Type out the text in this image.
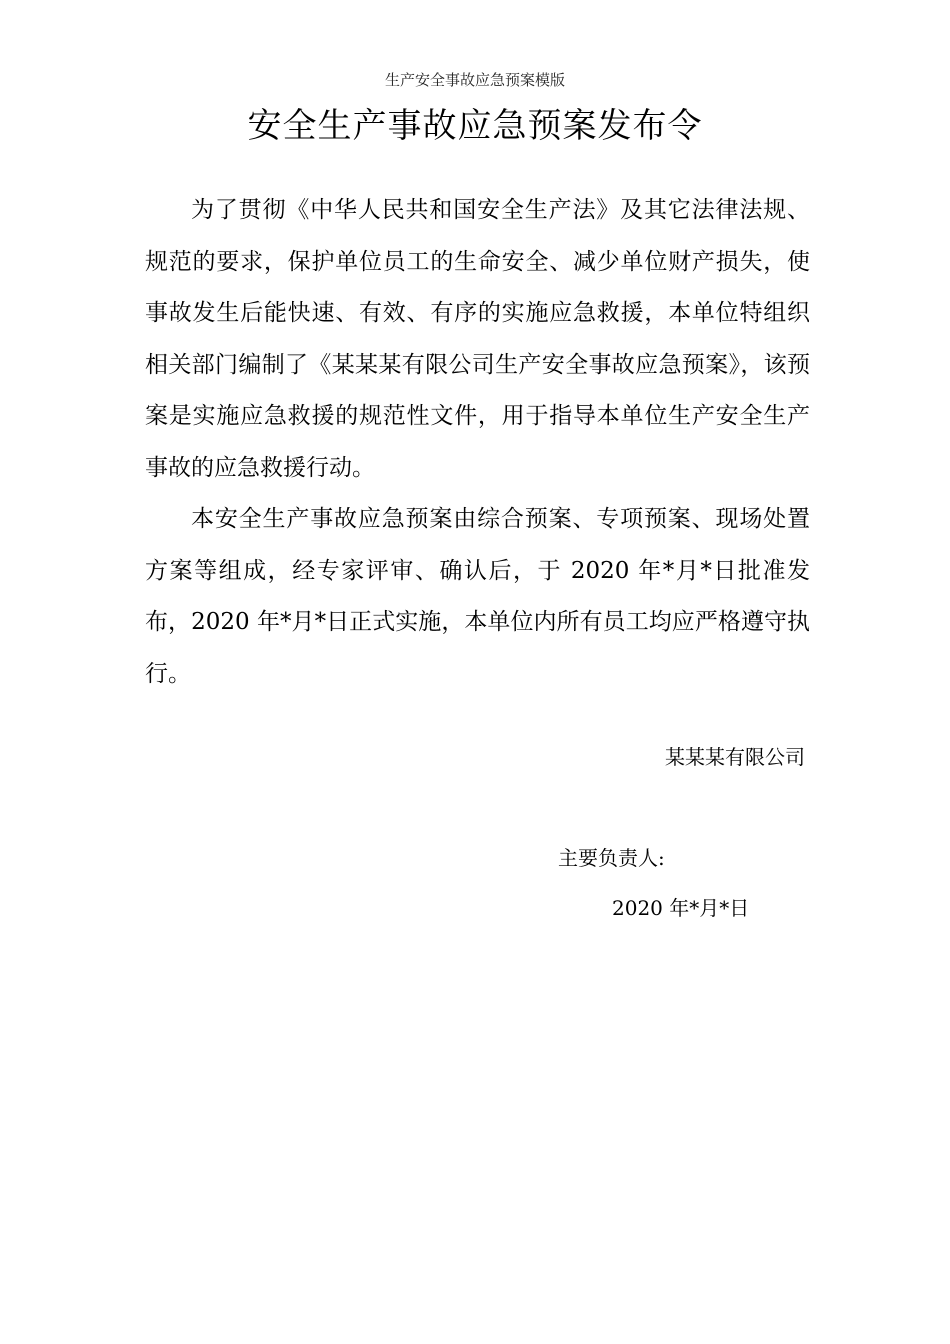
生产安全事故应急预案模版
安全生产事故应急预案发布令

为了贯彻《中华人民共和国安全生产法》及其它法律法规、规范的要求，保护单位员工的生命安全、减少单位财产损失，使事故发生后能快速、有效、有序的实施应急救援，本单位特组织相关部门编制了《某某某有限公司生产安全事故应急预案》，该预案是实施应急救援的规范性文件，用于指导本单位生产安全生产事故的应急救援行动。

本安全生产事故应急预案由综合预案、专项预案、现场处置方案等组成，经专家评审、确认后，于 2020 年*月*日批准发布，2020 年*月*日正式实施，本单位内所有员工均应严格遵守执行。

某某某有限公司
主要负责人:
2020 年*月*日
